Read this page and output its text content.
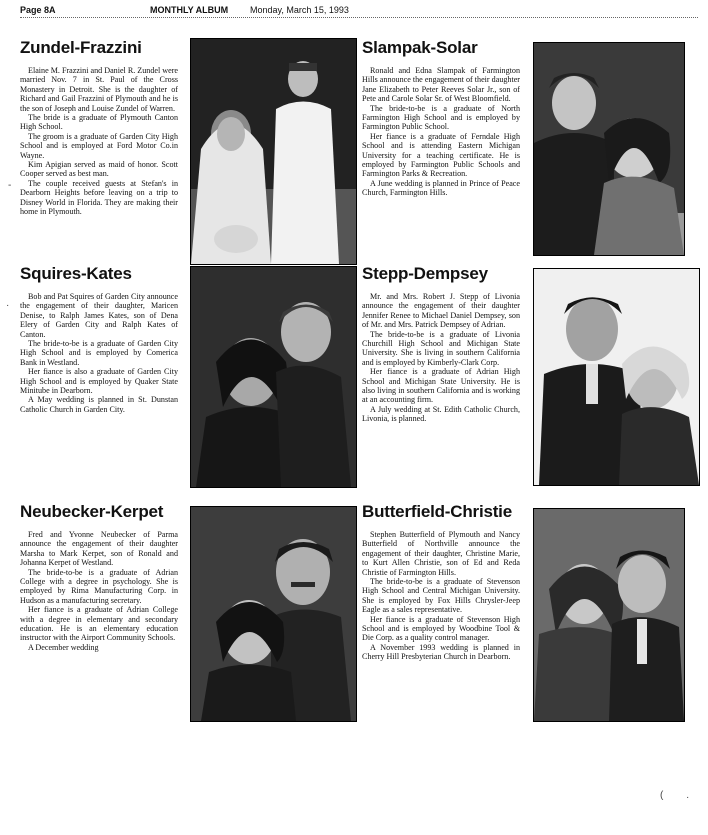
Page 8A	MONTHLY ALBUM Monday, March 15, 1993
Zundel-Frazzini

Elaine M. Frazzini and Daniel R. Zundel were married Nov. 7 in St. Paul of the Cross Monastery in Detroit. She is the daughter of Richard and Gail Frazzini of Plymouth and he is the son of Joseph and Louise Zundel of Warren.

The bride is a graduate of Plymouth Canton High School.

The groom is a graduate of Garden City High School and is employed at Ford Motor Co.in Wayne.

Kim Apigian served as maid of honor. Scott Cooper served as best man.

The couple received guests at Stefan's in Dearborn Heights before leaving on a trip to Disney World in Florida. They are making their home in Plymouth.

Slampak-Solar

Ronald and Edna Slampak of Farmington Hills announce the engagement of their daughter Jane Elizabeth to Peter Reeves Solar Jr., son of Pete and Carole Solar Sr. of West Bloomfield.

The bride-to-be is a graduate of North Farmington High School and is employed by Farmington Public School.

Her fiance is a graduate of Ferndale High School and is attending Eastern Michigan University for a teaching certificate. He is employed by Farmington Public Schools and Farmington Parks & Recreation.

A June wedding is planned in Prince of Peace Church, Farmington Hills.

Squires-Kates

Bob and Pat Squires of Garden City announce the engagement of their daughter, Maricen Denise, to Ralph James Kates, son of Dena Elery of Garden City and Ralph Kates of Canton.

The bride-to-be is a graduate of Garden City High School and is employed by Comerica Bank in Westland.

Her fiance is also a graduate of Garden City High School and is employed by Quaker State Minitube in Dearborn.

A May wedding is planned in St. Dunstan Catholic Church in Garden City.

Stepp-Dempsey

Mr. and Mrs. Robert J. Stepp of Livonia announce the engagement of their daughter Jennifer Renee to Michael Daniel Dempsey, son of Mr. and Mrs. Patrick Dempsey of Adrian.

The bride-to-be is a graduate of Livonia Churchill High School and Michigan State University. She is living in southern California and is employed by Kimberly-Clark Corp.

Her fiance is a graduate of Adrian High School and Michigan State University. He is also living in southern California and is working at an accounting firm.

A July wedding at St. Edith Catholic Church, Livonia, is planned.

Neubecker-Kerpet

Fred and Yvonne Neubecker of Parma announce the engagement of their daughter Marsha to Mark Kerpet, son of Ronald and Johanna Kerpet of Westland.

The bride-to-be is a graduate of Adrian College with a degree in psychology. She is employed by Rima Manufacturing Corp. in Hudson as a manufacturing secretary.

Her fiance is a graduate of Adrian College with a degree in elementary and secondary education. He is an elementary education instructor with the Airport Community Schools.

A December wedding

Butterfield-Christie

Stephen Butterfield of Plymouth and Nancy Butterfield of Northville announce the engagement of their daughter, Christine Marie, to Kurt Allen Christie, son of Ed and Reda Christie of Farmington Hills.

The bride-to-be is a graduate of Stevenson High School and Central Michigan University. She is employed by Fox Hills Chrysler-Jeep Eagle as a sales representative.

Her fiance is a graduate of Stevenson High School and is employed by Woodbine Tool & Die Corp. as a quality control manager.

A November 1993 wedding is planned in Cherry Hill Presbyterian Church in Dearborn.

-
·
( ·
